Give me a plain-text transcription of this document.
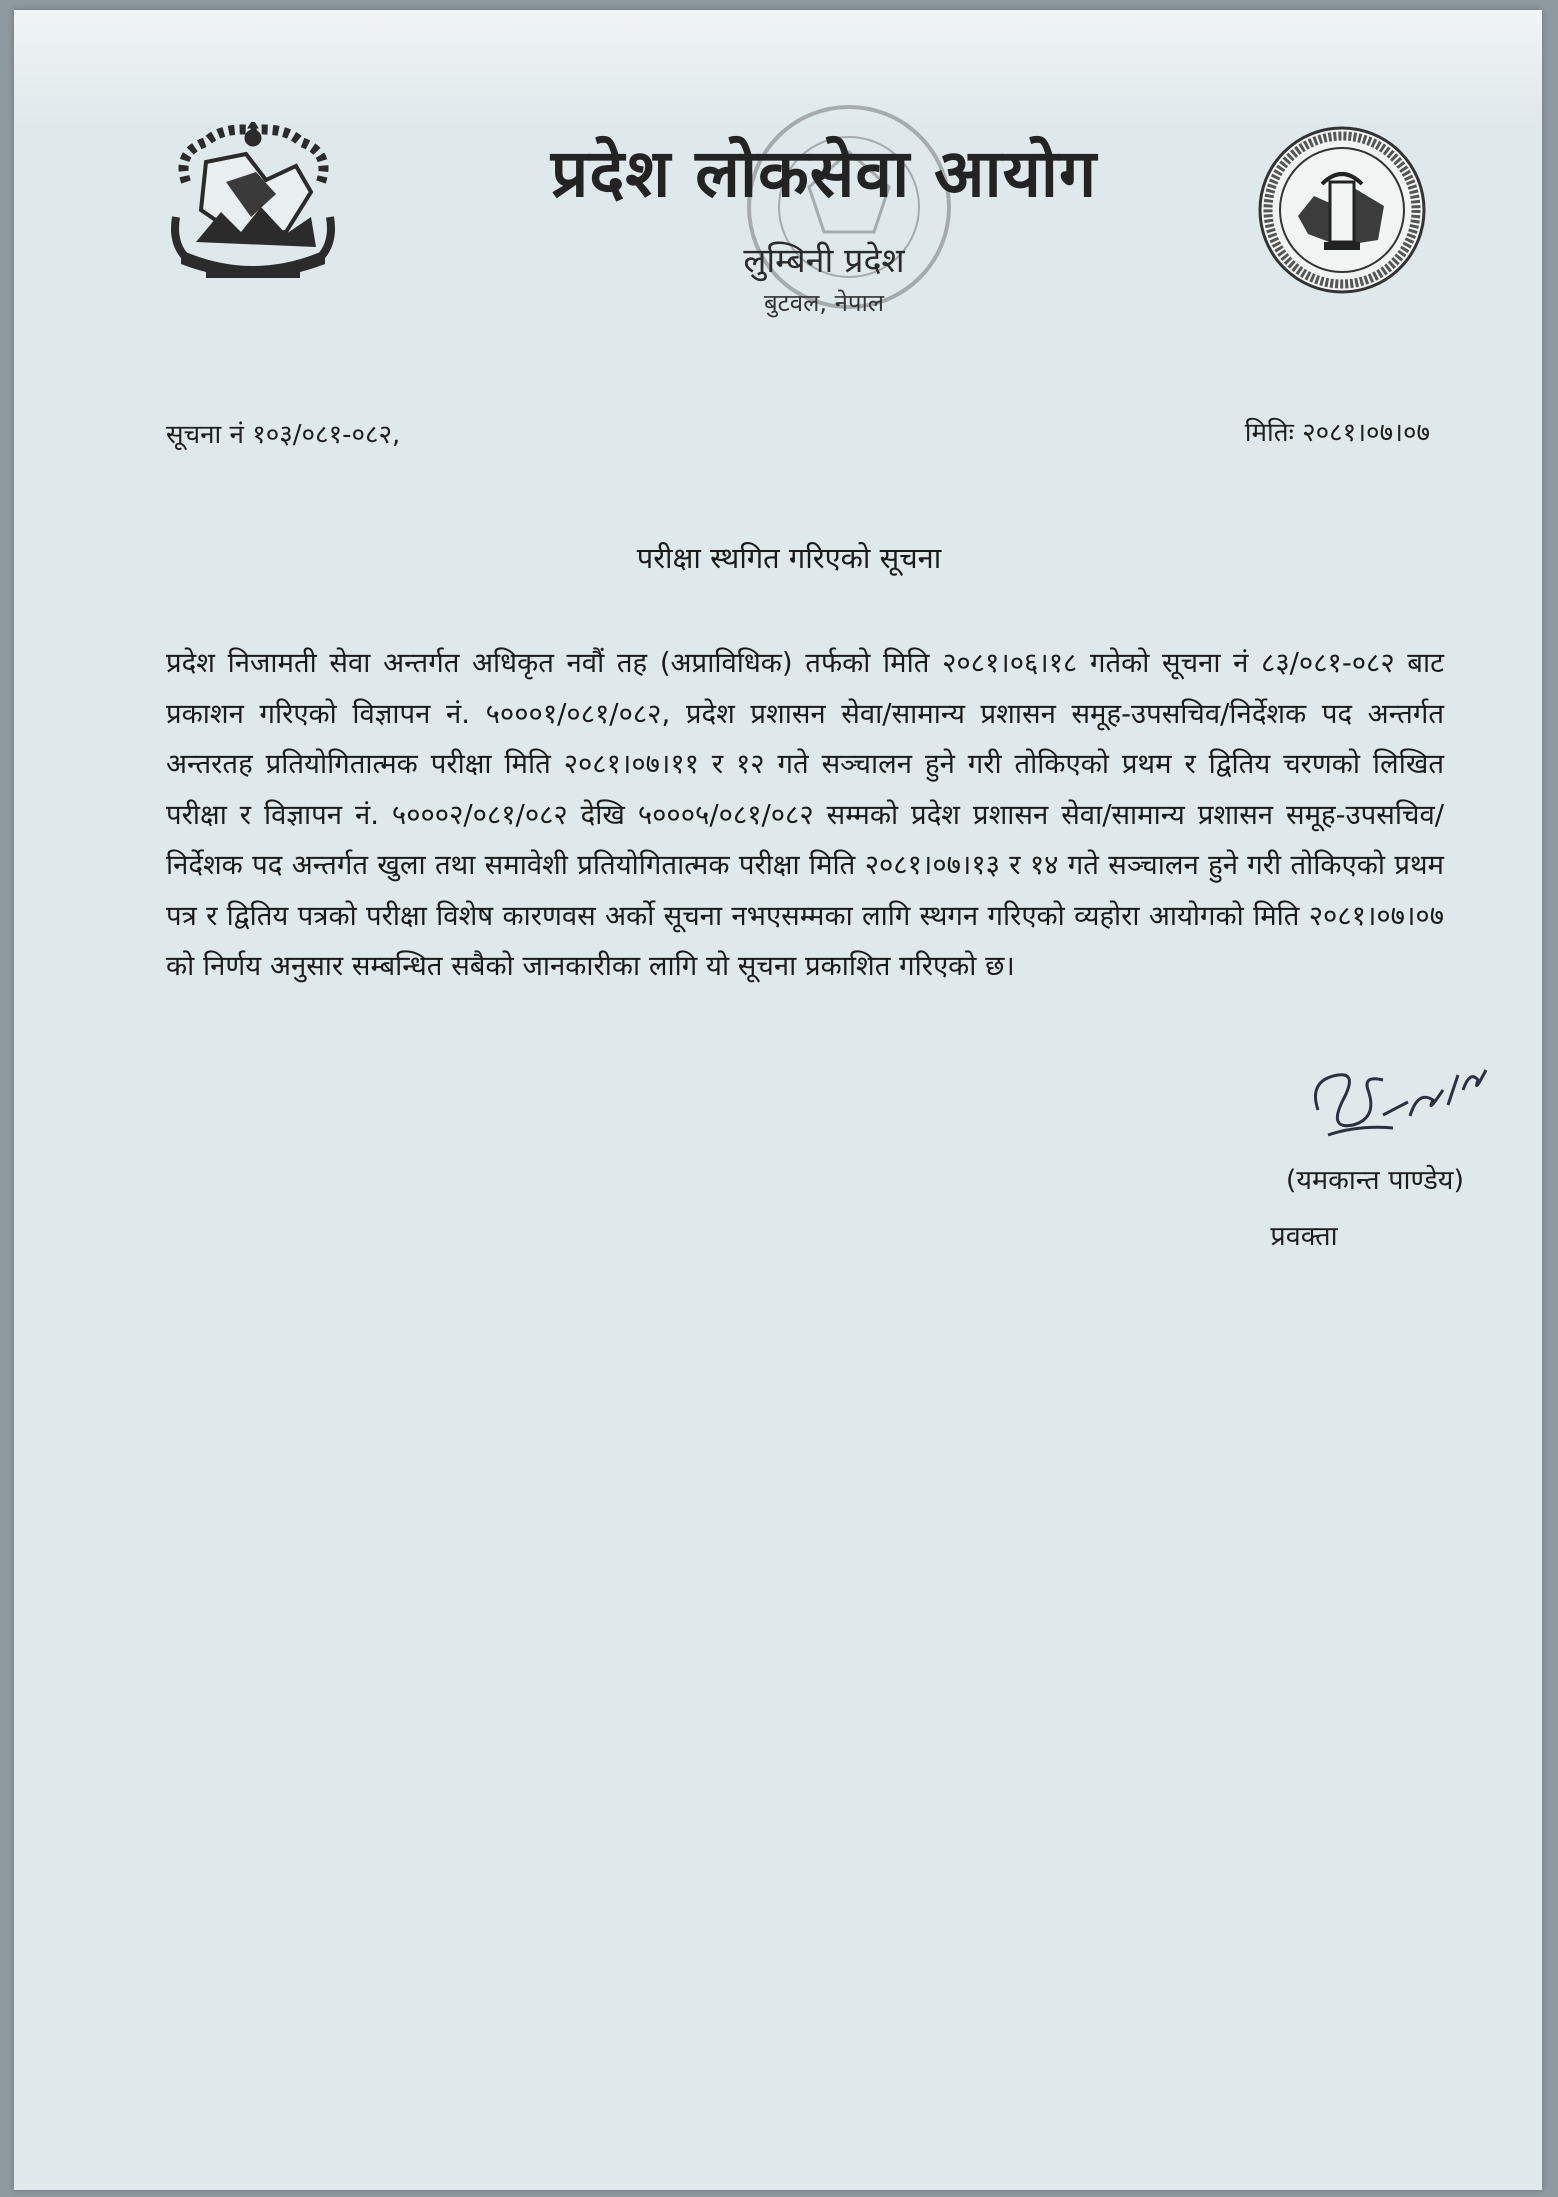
प्रदेश लोकसेवा आयोग
लुम्बिनी प्रदेश
बुटवल, नेपाल
सूचना नं १०३/०८१-०८२,	मितिः २०८१।०७।०७
परीक्षा स्थगित गरिएको सूचना

प्रदेश निजामती सेवा अन्तर्गत अधिकृत नवौं तह (अप्राविधिक) तर्फको मिति २०८१।०६।१८ गतेको सूचना नं ८३/०८१-०८२ बाट प्रकाशन गरिएको विज्ञापन नं. ५०००१/०८१/०८२, प्रदेश प्रशासन सेवा/सामान्य प्रशासन समूह-उपसचिव/निर्देशक पद अन्तर्गत अन्तरतह प्रतियोगितात्मक परीक्षा मिति २०८१।०७।११ र १२ गते सञ्चालन हुने गरी तोकिएको प्रथम र द्वितिय चरणको लिखित परीक्षा र विज्ञापन नं. ५०००२/०८१/०८२ देखि ५०००५/०८१/०८२ सम्मको प्रदेश प्रशासन सेवा/सामान्य प्रशासन समूह-उपसचिव/निर्देशक पद अन्तर्गत खुला तथा समावेशी प्रतियोगितात्मक परीक्षा मिति २०८१।०७।१३ र १४ गते सञ्चालन हुने गरी तोकिएको प्रथम पत्र र द्वितिय पत्रको परीक्षा विशेष कारणवस अर्को सूचना नभएसम्मका लागि स्थगन गरिएको व्यहोरा आयोगको मिति २०८१।०७।०७ को निर्णय अनुसार सम्बन्धित सबैको जानकारीका लागि यो सूचना प्रकाशित गरिएको छ।

(यमकान्त पाण्डेय)
प्रवक्ता
